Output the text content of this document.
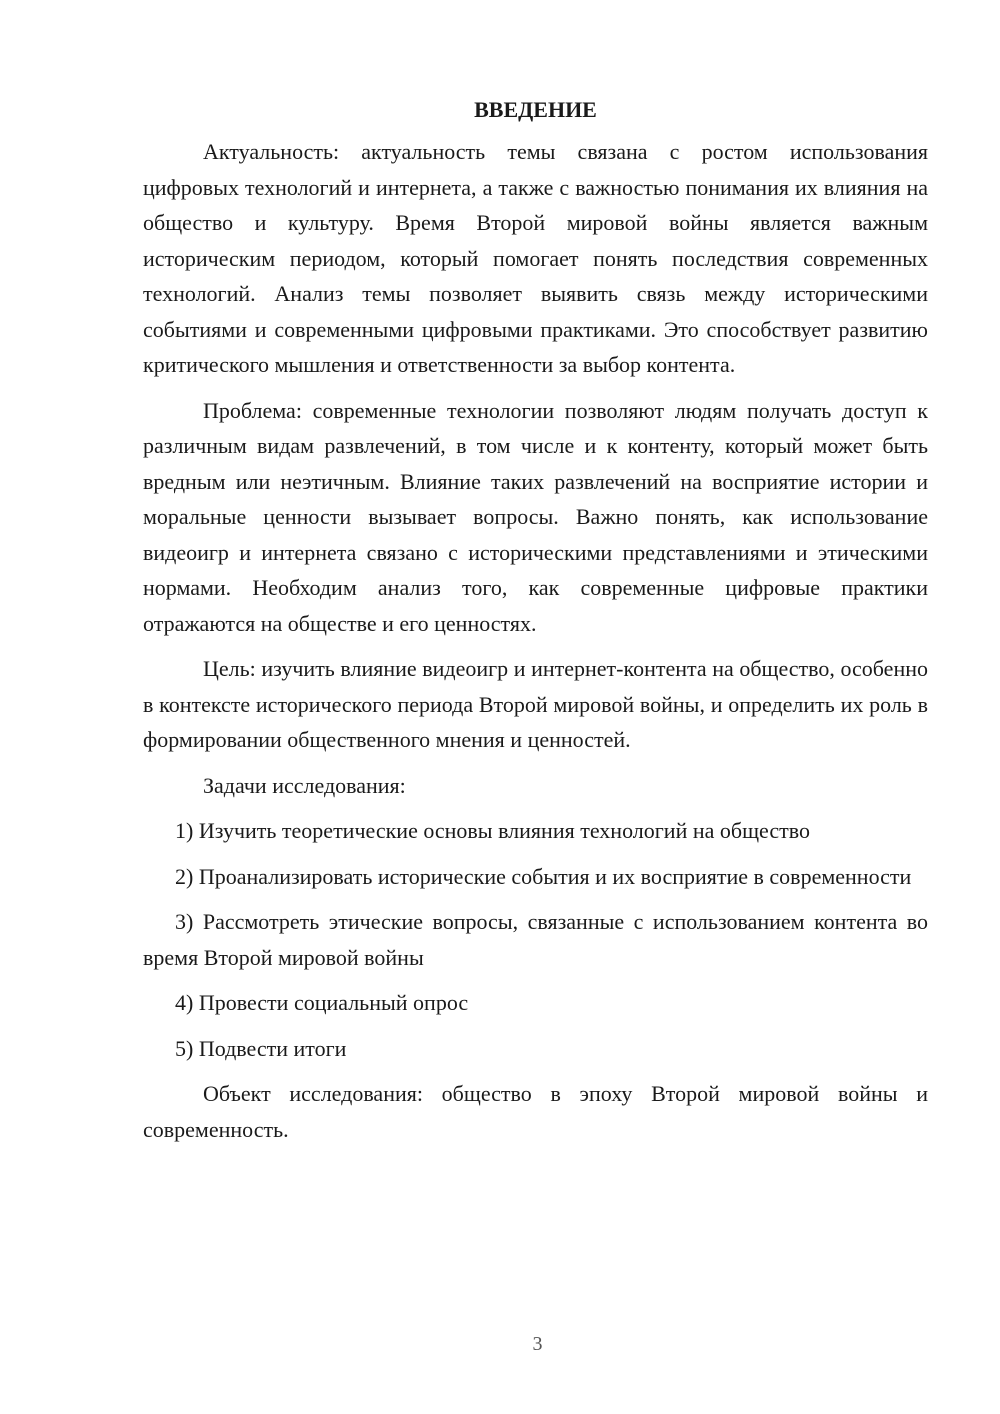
ВВЕДЕНИЕ

Актуальность: актуальность темы связана с ростом использования цифровых технологий и интернета, а также с важностью понимания их влияния на общество и культуру. Время Второй мировой войны является важным историческим периодом, который помогает понять последствия современных технологий. Анализ темы позволяет выявить связь между историческими событиями и современными цифровыми практиками. Это способствует развитию критического мышления и ответственности за выбор контента.

Проблема: современные технологии позволяют людям получать доступ к различным видам развлечений, в том числе и к контенту, который может быть вредным или неэтичным. Влияние таких развлечений на восприятие истории и моральные ценности вызывает вопросы. Важно понять, как использование видеоигр и интернета связано с историческими представлениями и этическими нормами. Необходим анализ того, как современные цифровые практики отражаются на обществе и его ценностях.

Цель: изучить влияние видеоигр и интернет-контента на общество, особенно в контексте исторического периода Второй мировой войны, и определить их роль в формировании общественного мнения и ценностей.

Задачи исследования:

1) Изучить теоретические основы влияния технологий на общество

2) Проанализировать исторические события и их восприятие в современности

3) Рассмотреть этические вопросы, связанные с использованием контента во время Второй мировой войны

4) Провести социальный опрос

5) Подвести итоги

Объект исследования: общество в эпоху Второй мировой войны и современность.

3
